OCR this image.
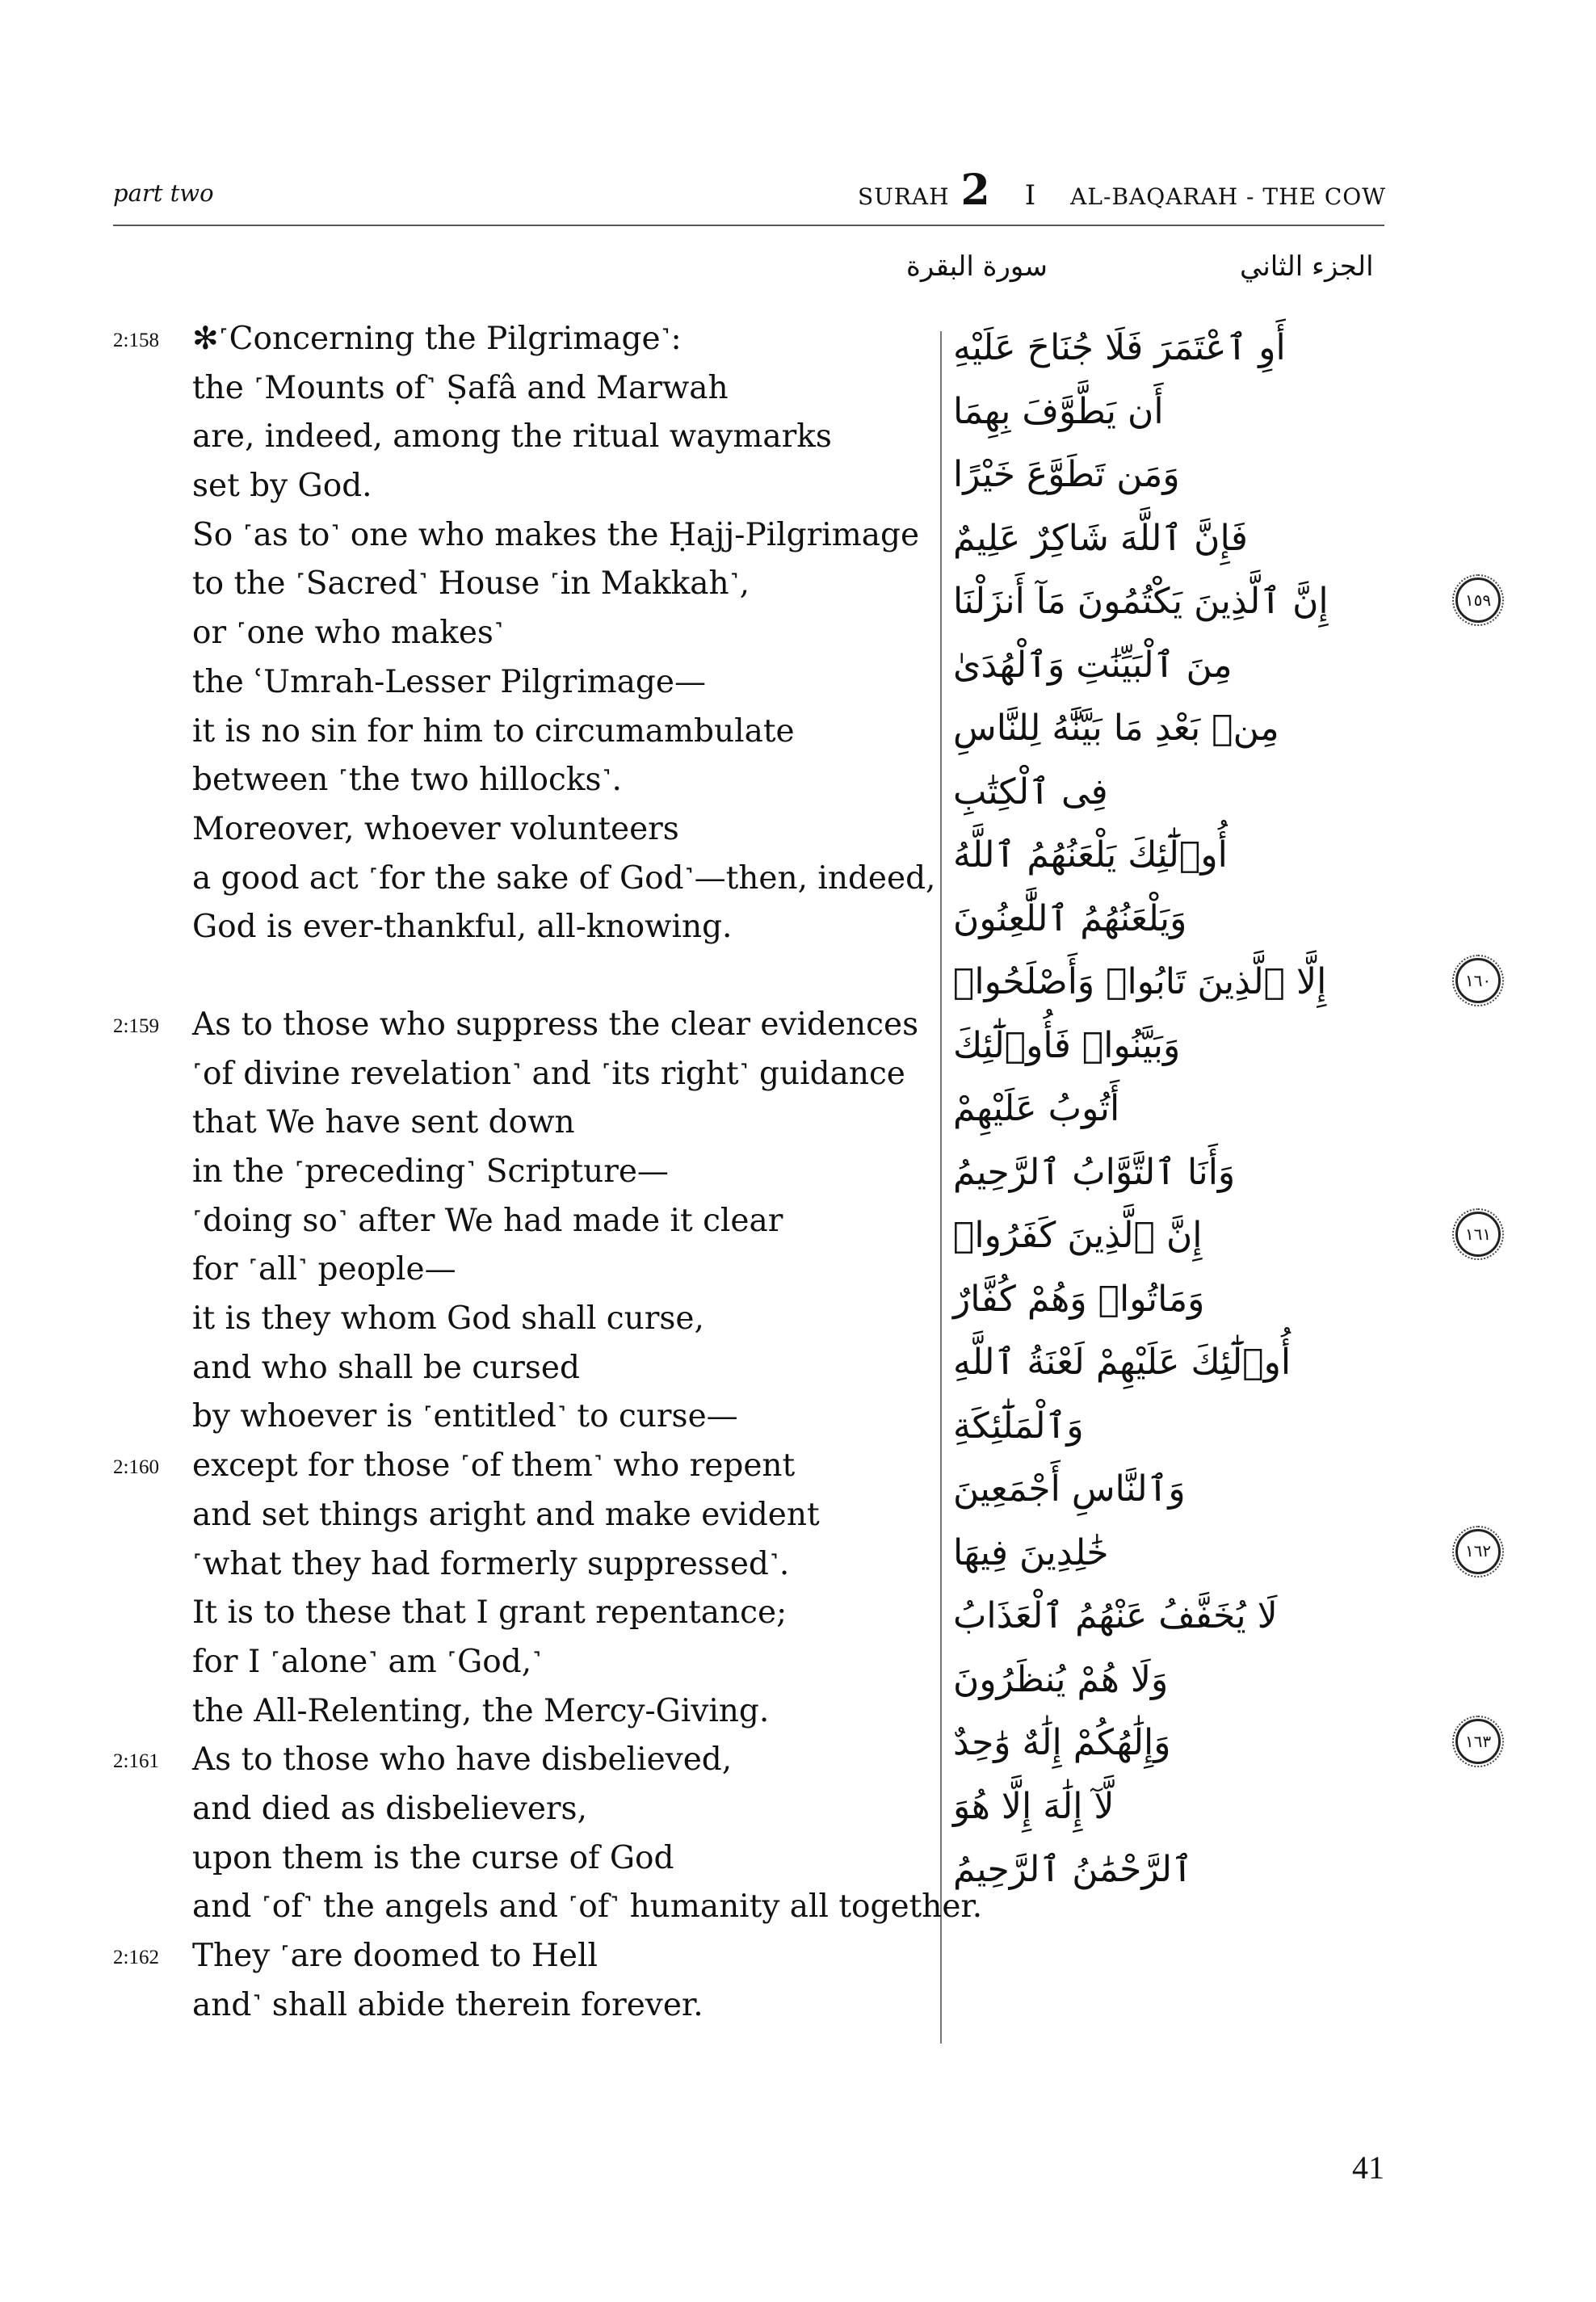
part two	SURAH 2 I AL-BAQARAH - THE COW
سورة البقرة	الجزء الثاني
2:158 ✻˹Concerning the Pilgrimage˺:
the ˹Mounts of˺ Ṣafâ and Marwah
are, indeed, among the ritual waymarks
set by God.
So ˹as to˺ one who makes the Ḥajj-Pilgrimage
to the ˹Sacred˺ House ˹in Makkah˺,
or ˹one who makes˺
the ʿUmrah-Lesser Pilgrimage—
it is no sin for him to circumambulate
between ˹the two hillocks˺.
Moreover, whoever volunteers
a good act ˹for the sake of God˺—then, indeed,
God is ever-thankful, all-knowing.
2:159 As to those who suppress the clear evidences
˹of divine revelation˺ and ˹its right˺ guidance
that We have sent down
in the ˹preceding˺ Scripture—
˹doing so˺ after We had made it clear
for ˹all˺ people—
it is they whom God shall curse,
and who shall be cursed
by whoever is ˹entitled˺ to curse—
2:160 except for those ˹of them˺ who repent
and set things aright and make evident
˹what they had formerly suppressed˺.
It is to these that I grant repentance;
for I ˹alone˺ am ˹God,˺
the All-Relenting, the Mercy-Giving.
2:161 As to those who have disbelieved,
and died as disbelievers,
upon them is the curse of God
and ˹of˺ the angels and ˹of˺ humanity all together.
2:162 They ˹are doomed to Hell
and˺ shall abide therein forever.
أَوِ ٱعْتَمَرَ فَلَا جُنَاحَ عَلَيْهِ
أَن يَطَّوَّفَ بِهِمَا
وَمَن تَطَوَّعَ خَيْرًا
فَإِنَّ ٱللَّهَ شَاكِرٌ عَلِيمٌ
إِنَّ ٱلَّذِينَ يَكْتُمُونَ مَآ أَنزَلْنَا	١٥٩
مِنَ ٱلْبَيِّنَٰتِ وَٱلْهُدَىٰ
مِنۢ بَعْدِ مَا بَيَّنَّٰهُ لِلنَّاسِ
فِى ٱلْكِتَٰبِ
أُو۟لَٰٓئِكَ يَلْعَنُهُمُ ٱللَّهُ
وَيَلْعَنُهُمُ ٱللَّٰعِنُونَ
إِلَّا ٱلَّذِينَ تَابُوا۟ وَأَصْلَحُوا۟	١٦٠
وَبَيَّنُوا۟ فَأُو۟لَٰٓئِكَ
أَتُوبُ عَلَيْهِمْ
وَأَنَا ٱلتَّوَّابُ ٱلرَّحِيمُ
إِنَّ ٱلَّذِينَ كَفَرُوا۟	١٦١
وَمَاتُوا۟ وَهُمْ كُفَّارٌ
أُو۟لَٰٓئِكَ عَلَيْهِمْ لَعْنَةُ ٱللَّهِ
وَٱلْمَلَٰٓئِكَةِ
وَٱلنَّاسِ أَجْمَعِينَ
خَٰلِدِينَ فِيهَا	١٦٢
لَا يُخَفَّفُ عَنْهُمُ ٱلْعَذَابُ
وَلَا هُمْ يُنظَرُونَ
وَإِلَٰهُكُمْ إِلَٰهٌ وَٰحِدٌ	١٦٣
لَّآ إِلَٰهَ إِلَّا هُوَ
ٱلرَّحْمَٰنُ ٱلرَّحِيمُ
41
